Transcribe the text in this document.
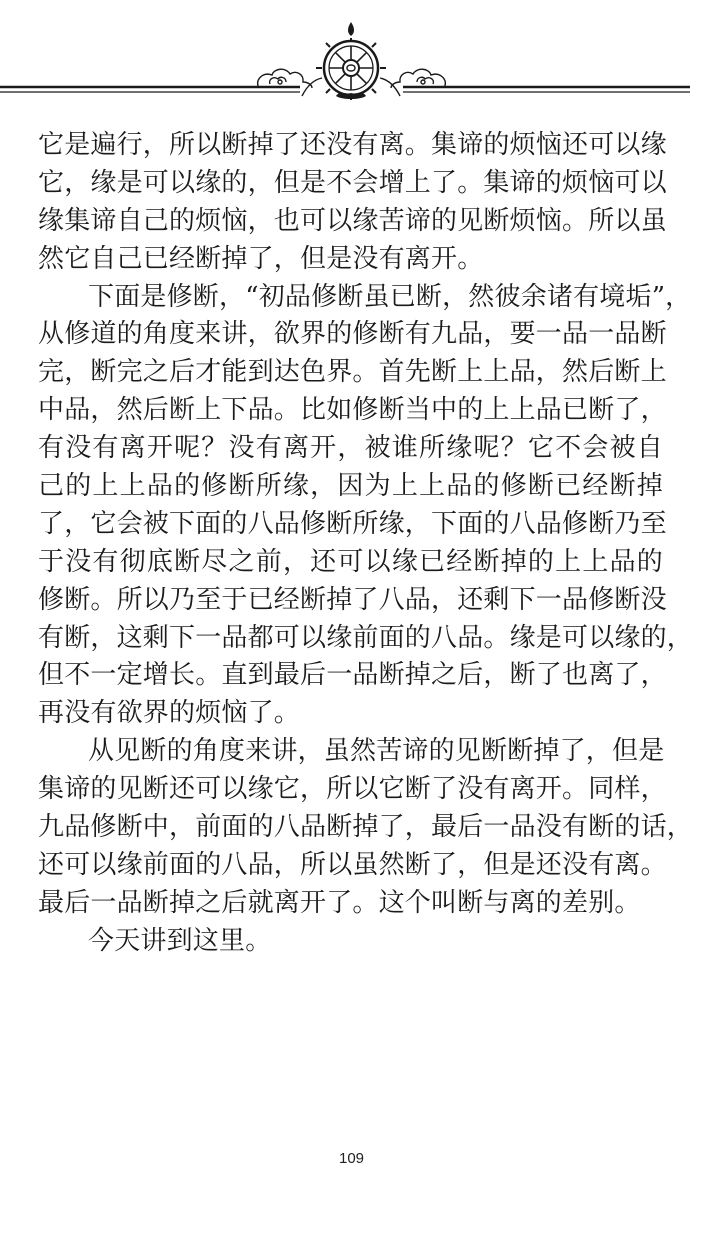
它是遍行，所以断掉了还没有离。集谛的烦恼还可以缘
它，缘是可以缘的，但是不会增上了。集谛的烦恼可以
缘集谛自己的烦恼，也可以缘苦谛的见断烦恼。所以虽
然它自己已经断掉了，但是没有离开。
下面是修断，“初品修断虽已断，然彼余诸有境垢”，
从修道的角度来讲，欲界的修断有九品，要一品一品断
完，断完之后才能到达色界。首先断上上品，然后断上
中品，然后断上下品。比如修断当中的上上品已断了，
有没有离开呢？没有离开，被谁所缘呢？它不会被自
己的上上品的修断所缘，因为上上品的修断已经断掉
了，它会被下面的八品修断所缘，下面的八品修断乃至
于没有彻底断尽之前，还可以缘已经断掉的上上品的
修断。所以乃至于已经断掉了八品，还剩下一品修断没
有断，这剩下一品都可以缘前面的八品。缘是可以缘的，
但不一定增长。直到最后一品断掉之后，断了也离了，
再没有欲界的烦恼了。
从见断的角度来讲，虽然苦谛的见断断掉了，但是
集谛的见断还可以缘它，所以它断了没有离开。同样，
九品修断中，前面的八品断掉了，最后一品没有断的话，
还可以缘前面的八品，所以虽然断了，但是还没有离。
最后一品断掉之后就离开了。这个叫断与离的差别。
今天讲到这里。
109
